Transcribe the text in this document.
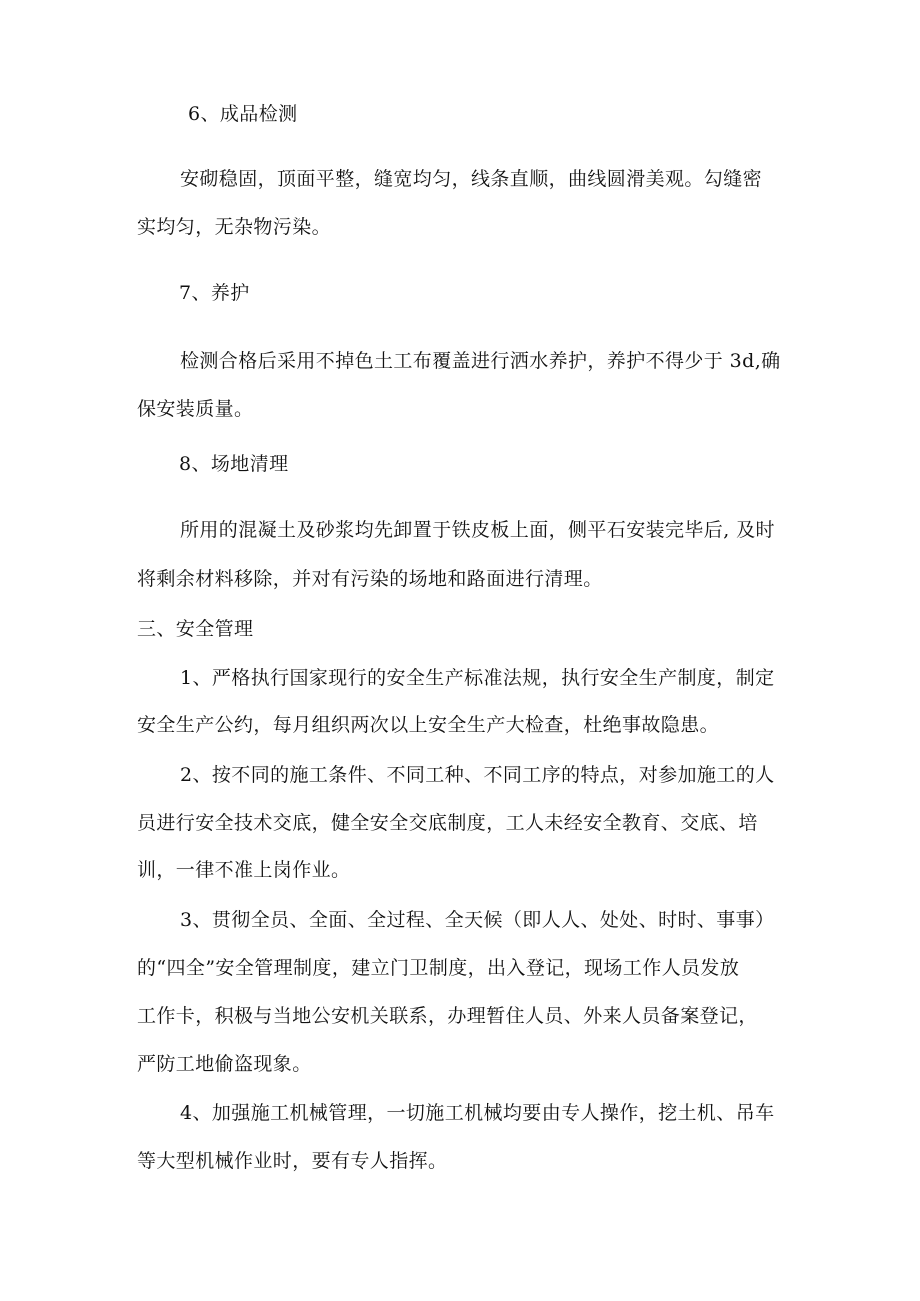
6、成品检测
安砌稳固，顶面平整，缝宽均匀，线条直顺，曲线圆滑美观。勾缝密
实均匀，无杂物污染。
7、养护
检测合格后采用不掉色土工布覆盖进行洒水养护，养护不得少于 3d,确
保安装质量。
8、场地清理
所用的混凝土及砂浆均先卸置于铁皮板上面，侧平石安装完毕后, 及时
将剩余材料移除，并对有污染的场地和路面进行清理。
三、安全管理
1、严格执行国家现行的安全生产标准法规，执行安全生产制度，制定
安全生产公约，每月组织两次以上安全生产大检查，杜绝事故隐患。
2、按不同的施工条件、不同工种、不同工序的特点，对参加施工的人
员进行安全技术交底，健全安全交底制度，工人未经安全教育、交底、培
训，一律不准上岗作业。
3、贯彻全员、全面、全过程、全天候（即人人、处处、时时、事事）
的“四全”安全管理制度，建立门卫制度，出入登记，现场工作人员发放
工作卡，积极与当地公安机关联系，办理暂住人员、外来人员备案登记，
严防工地偷盗现象。
4、加强施工机械管理，一切施工机械均要由专人操作，挖土机、吊车
等大型机械作业时，要有专人指挥。
